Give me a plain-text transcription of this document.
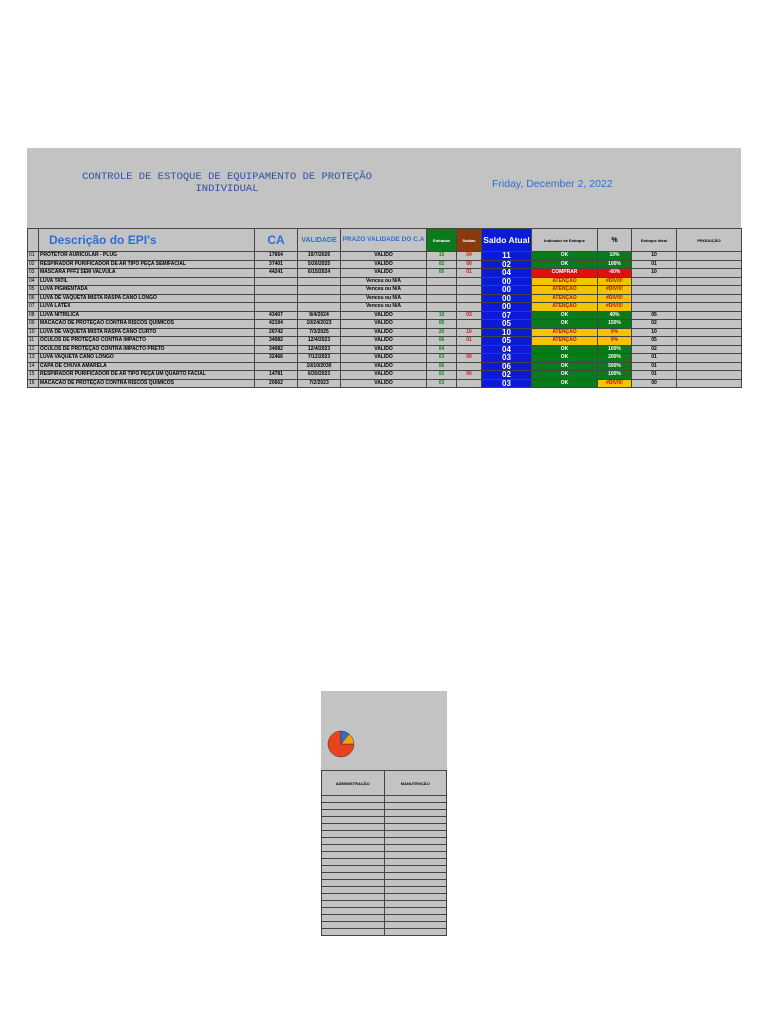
CONTROLE DE ESTOQUE DE EQUIPAMENTO DE PROTEÇÃO INDIVIDUAL	Friday, December 2, 2022
	Descrição do EPI's	CA	VALIDADE	PRAZO VALIDADE DO C.A	Entradas	Saidas	Saldo Atual	Indicador de Estoque	%	Estoque Ideal	PRODUÇÃO
01	PROTETOR AURICULAR - PLUG	17664	10/7/2026	VALIDO	15	04	11	OK	10%	10	
02	RESPIRADOR PURIFICADOR DE AR TIPO PEÇA SEMIFACIAL	37401	5/26/2025	VALIDO	02	00	02	OK	100%	01	
03	MASCARA PFF2 SEM VALVULA	44241	6/15/2024	VALIDO	05	01	04	COMPRAR	-60%	10	
04	LUVA TATIL			Venceu ou N/A			00	ATENÇÃO	#DIV/0!		
05	LUVA PIGMENTADA			Venceu ou N/A			00	ATENÇÃO	#DIV/0!		
06	LUVA DE VAQUETA MISTA RASPA CANO LONGO			Venceu ou N/A			00	ATENÇÃO	#DIV/0!		
07	LUVA LATEX			Venceu ou N/A			00	ATENÇÃO	#DIV/0!		
08	LUVA NITRILICA	43407	9/4/2024	VALIDO	10	03	07	OK	40%	05	
09	MACACÃO DE PROTEÇÃO CONTRA RISCOS QUIMICOS	42194	10/24/2023	VALIDO	05		05	OK	150%	02	
10	LUVA DE VAQUETA MISTA RASPA CANO CURTO	26742	7/3/2025	VALIDO	20	10	10	ATENÇÃO	0%	10	
11	OCULOS DE PROTEÇÃO CONTRA IMPACTO	34082	12/4/2023	VALIDO	06	01	05	ATENÇÃO	0%	05	
12	OCULOS DE PROTEÇÃO CONTRA IMPACTO PRETO	34082	12/4/2023	VALIDO	04		04	OK	100%	02	
13	LUVA VAQUETA CANO LONGO	32466	7/12/2023	VALIDO	03	00	03	OK	200%	01	
14	CAPA DE CHUVA AMARELA		10/10/2030	VALIDO	06		06	OK	500%	01	
15	RESPIRADOR PURIFICADOR DE AR TIPO PEÇA UM QUARTO FACIAL	14781	6/30/2023	VALIDO	02	00	02	OK	100%	01	
16	MACACÃO DE PROTEÇÃO CONTRA RISCOS QUIMICOS	20662	7/2/2023	VALIDO	03		03	OK	#DIV/0!	00	
ADMINISTRAÇÃO	MANUTENÇÃO
